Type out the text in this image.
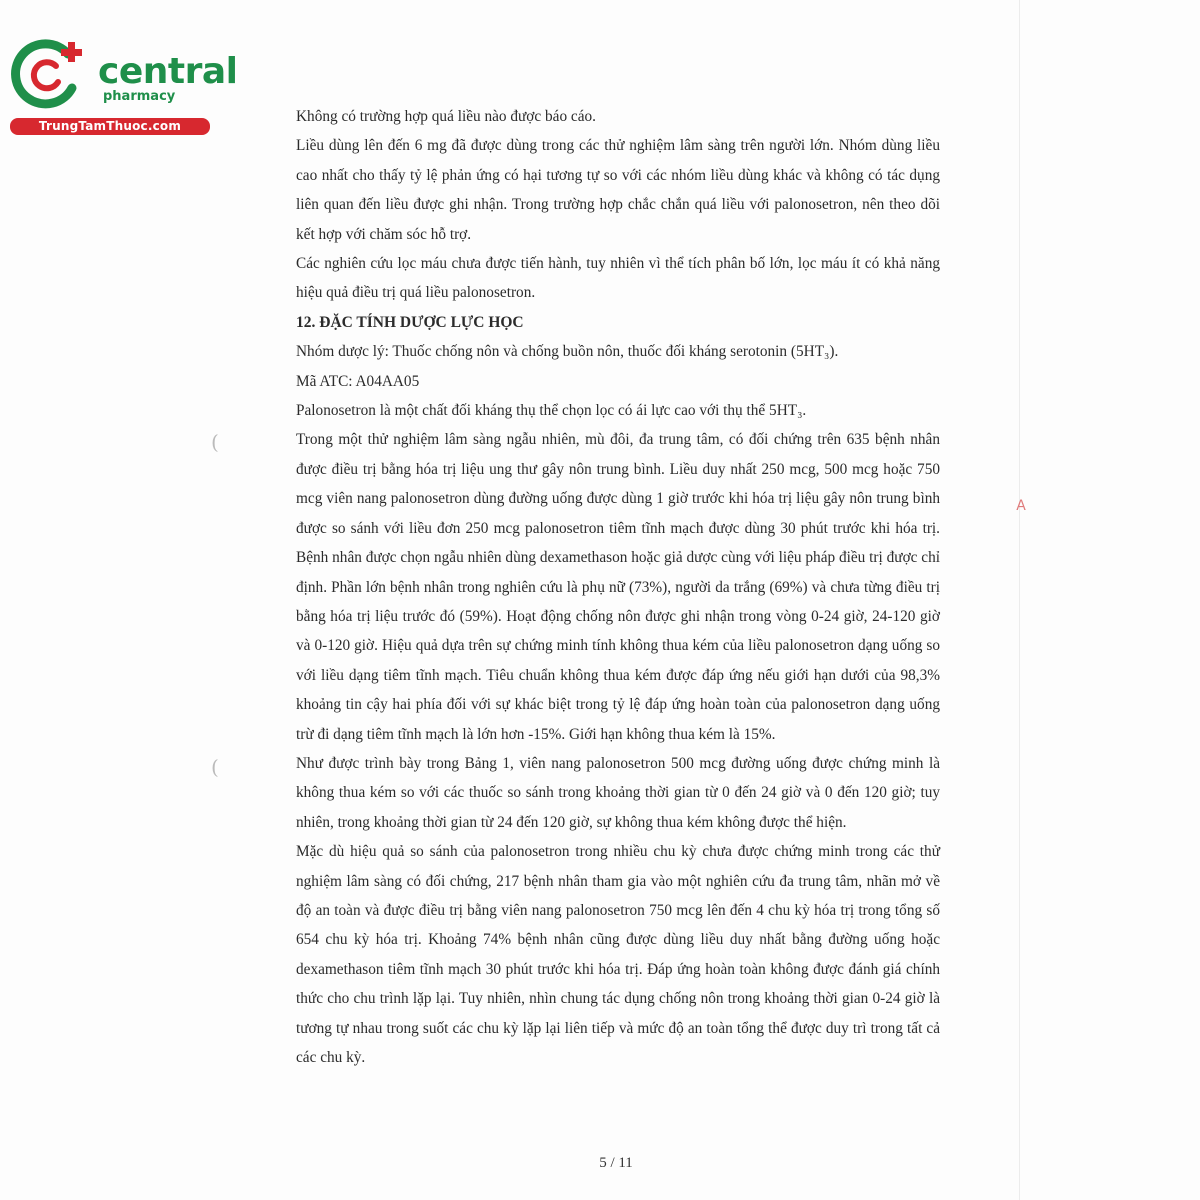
central
pharmacy
TrungTamThuoc.com

Không có trường hợp quá liều nào được báo cáo.

Liều dùng lên đến 6 mg đã được dùng trong các thử nghiệm lâm sàng trên người lớn. Nhóm dùng liều cao nhất cho thấy tỷ lệ phản ứng có hại tương tự so với các nhóm liều dùng khác và không có tác dụng liên quan đến liều được ghi nhận. Trong trường hợp chắc chắn quá liều với palonosetron, nên theo dõi kết hợp với chăm sóc hỗ trợ.

Các nghiên cứu lọc máu chưa được tiến hành, tuy nhiên vì thể tích phân bố lớn, lọc máu ít có khả năng hiệu quả điều trị quá liều palonosetron.

12. ĐẶC TÍNH DƯỢC LỰC HỌC

Nhóm dược lý: Thuốc chống nôn và chống buồn nôn, thuốc đối kháng serotonin (5HT₃).

Mã ATC: A04AA05

Palonosetron là một chất đối kháng thụ thể chọn lọc có ái lực cao với thụ thể 5HT₃.

Trong một thử nghiệm lâm sàng ngẫu nhiên, mù đôi, đa trung tâm, có đối chứng trên 635 bệnh nhân được điều trị bằng hóa trị liệu ung thư gây nôn trung bình. Liều duy nhất 250 mcg, 500 mcg hoặc 750 mcg viên nang palonosetron dùng đường uống được dùng 1 giờ trước khi hóa trị liệu gây nôn trung bình được so sánh với liều đơn 250 mcg palonosetron tiêm tĩnh mạch được dùng 30 phút trước khi hóa trị. Bệnh nhân được chọn ngẫu nhiên dùng dexamethason hoặc giả dược cùng với liệu pháp điều trị được chỉ định. Phần lớn bệnh nhân trong nghiên cứu là phụ nữ (73%), người da trắng (69%) và chưa từng điều trị bằng hóa trị liệu trước đó (59%). Hoạt động chống nôn được ghi nhận trong vòng 0-24 giờ, 24-120 giờ và 0-120 giờ. Hiệu quả dựa trên sự chứng minh tính không thua kém của liều palonosetron dạng uống so với liều dạng tiêm tĩnh mạch. Tiêu chuẩn không thua kém được đáp ứng nếu giới hạn dưới của 98,3% khoảng tin cậy hai phía đối với sự khác biệt trong tỷ lệ đáp ứng hoàn toàn của palonosetron dạng uống trừ đi dạng tiêm tĩnh mạch là lớn hơn -15%. Giới hạn không thua kém là 15%.

Như được trình bày trong Bảng 1, viên nang palonosetron 500 mcg đường uống được chứng minh là không thua kém so với các thuốc so sánh trong khoảng thời gian từ 0 đến 24 giờ và 0 đến 120 giờ; tuy nhiên, trong khoảng thời gian từ 24 đến 120 giờ, sự không thua kém không được thể hiện.

Mặc dù hiệu quả so sánh của palonosetron trong nhiều chu kỳ chưa được chứng minh trong các thử nghiệm lâm sàng có đối chứng, 217 bệnh nhân tham gia vào một nghiên cứu đa trung tâm, nhãn mở về độ an toàn và được điều trị bằng viên nang palonosetron 750 mcg lên đến 4 chu kỳ hóa trị trong tổng số 654 chu kỳ hóa trị. Khoảng 74% bệnh nhân cũng được dùng liều duy nhất bằng đường uống hoặc dexamethason tiêm tĩnh mạch 30 phút trước khi hóa trị. Đáp ứng hoàn toàn không được đánh giá chính thức cho chu trình lặp lại. Tuy nhiên, nhìn chung tác dụng chống nôn trong khoảng thời gian 0-24 giờ là tương tự nhau trong suốt các chu kỳ lặp lại liên tiếp và mức độ an toàn tổng thể được duy trì trong tất cả các chu kỳ.

(
(
A
5 / 11
